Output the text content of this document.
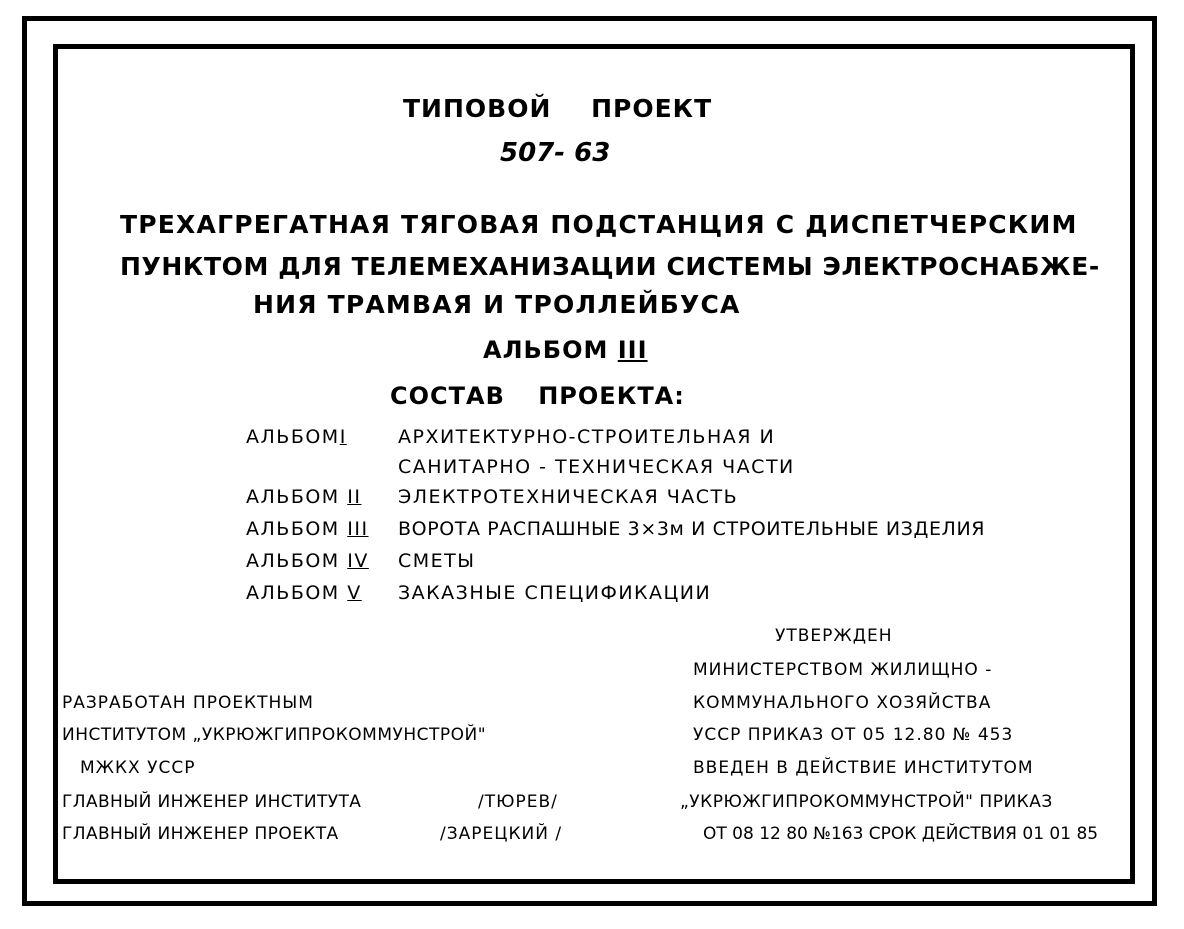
ТИПОВОЙ ПРОЕКТ
507- 63
ТРЕХАГРЕГАТНАЯ ТЯГОВАЯ ПОДСТАНЦИЯ С ДИСПЕТЧЕРСКИМ
ПУНКТОМ ДЛЯ ТЕЛЕМЕХАНИЗАЦИИ СИСТЕМЫ ЭЛЕКТРОСНАБЖЕ-
НИЯ ТРАМВАЯ И ТРОЛЛЕЙБУСА
АЛЬБОМ III
СОСТАВ ПРОЕКТА:
АЛЬБОМI	АРХИТЕКТУРНО-СТРОИТЕЛЬНАЯ И
САНИТАРНО - ТЕХНИЧЕСКАЯ ЧАСТИ
АЛЬБОМ II ЭЛЕКТРОТЕХНИЧЕСКАЯ ЧАСТЬ
АЛЬБОМ III ВОРОТА РАСПАШНЫЕ 3×3м И СТРОИТЕЛЬНЫЕ ИЗДЕЛИЯ
АЛЬБОМ IV СМЕТЫ
АЛЬБОМ V ЗАКАЗНЫЕ СПЕЦИФИКАЦИИ
УТВЕРЖДЕН
МИНИСТЕРСТВОМ ЖИЛИЩНО -
КОММУНАЛЬНОГО ХОЗЯЙСТВА
УССР ПРИКАЗ ОТ 05 12.80 № 453
ВВЕДЕН В ДЕЙСТВИЕ ИНСТИТУТОМ
„УКРЮЖГИПРОКОММУНСТРОЙ" ПРИКАЗ
ОТ 08 12 80 №163 СРОК ДЕЙСТВИЯ 01 01 85
РАЗРАБОТАН ПРОЕКТНЫМ
ИНСТИТУТОМ „УКРЮЖГИПРОКОММУНСТРОЙ"
МЖКХ УССР
ГЛАВНЫЙ ИНЖЕНЕР ИНСТИТУТА	/ТЮРЕВ/
ГЛАВНЫЙ ИНЖЕНЕР ПРОЕКТА	/ЗАРЕЦКИЙ /
